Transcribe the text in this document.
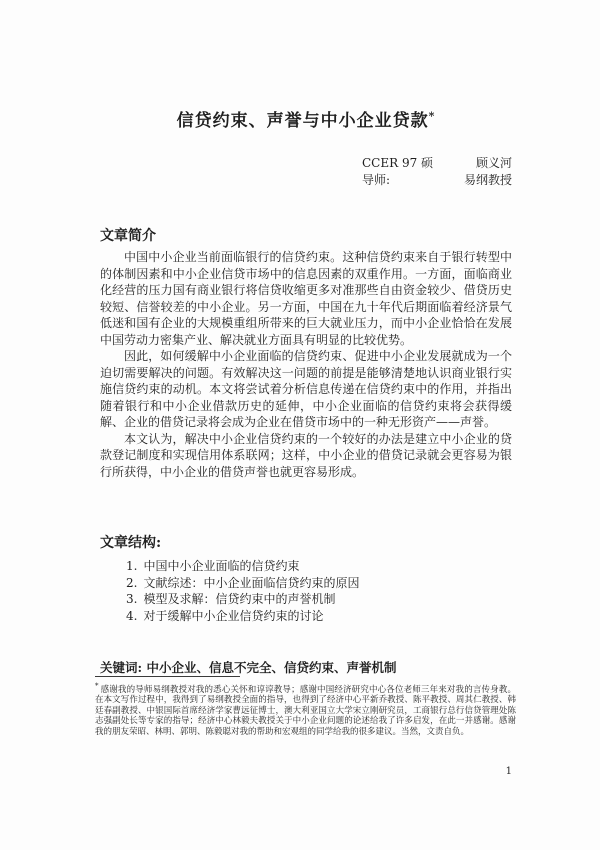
信贷约束、声誉与中小企业贷款*
CCER 97 硕	顾义河
导师:	易纲教授
文章简介

中国中小企业当前面临银行的信贷约束。这种信贷约束来自于银行转型中的体制因素和中小企业信贷市场中的信息因素的双重作用。一方面，面临商业化经营的压力国有商业银行将信贷收缩更多对准那些自由资金较少、借贷历史较短、信誉较差的中小企业。另一方面，中国在九十年代后期面临着经济景气低迷和国有企业的大规模重组所带来的巨大就业压力，而中小企业恰恰在发展中国劳动力密集产业、解决就业方面具有明显的比较优势。

因此，如何缓解中小企业面临的信贷约束、促进中小企业发展就成为一个迫切需要解决的问题。有效解决这一问题的前提是能够清楚地认识商业银行实施信贷约束的动机。本文将尝试着分析信息传递在信贷约束中的作用，并指出随着银行和中小企业借款历史的延伸，中小企业面临的信贷约束将会获得缓解、企业的借贷记录将会成为企业在借贷市场中的一种无形资产——声誉。

本文认为，解决中小企业信贷约束的一个较好的办法是建立中小企业的贷款登记制度和实现信用体系联网；这样，中小企业的借贷记录就会更容易为银行所获得，中小企业的借贷声誉也就更容易形成。

文章结构:
1. 中国中小企业面临的信贷约束
2. 文献综述：中小企业面临信贷约束的原因
3. 模型及求解：信贷约束中的声誉机制
4. 对于缓解中小企业信贷约束的讨论
关键词: 中小企业、信息不完全、信贷约束、声誉机制

* 感谢我的导师易纲教授对我的悉心关怀和谆谆教导；感谢中国经济研究中心各位老师三年来对我的言传身教。在本文写作过程中，我得到了易纲教授全面的指导，也得到了经济中心平新乔教授、陈平教授、周其仁教授、韩廷春副教授、中银国际首席经济学家曹远征博士，澳大利亚国立大学宋立刚研究员，工商银行总行信贷管理处陈志强副处长等专家的指导；经济中心林毅夫教授关于中小企业问题的论述给我了许多启发，在此一并感谢。感谢我的朋友荣昭、林明、郭明、陈毅聪对我的帮助和宏观组的同学给我的很多建议。当然，文责自负。

1
